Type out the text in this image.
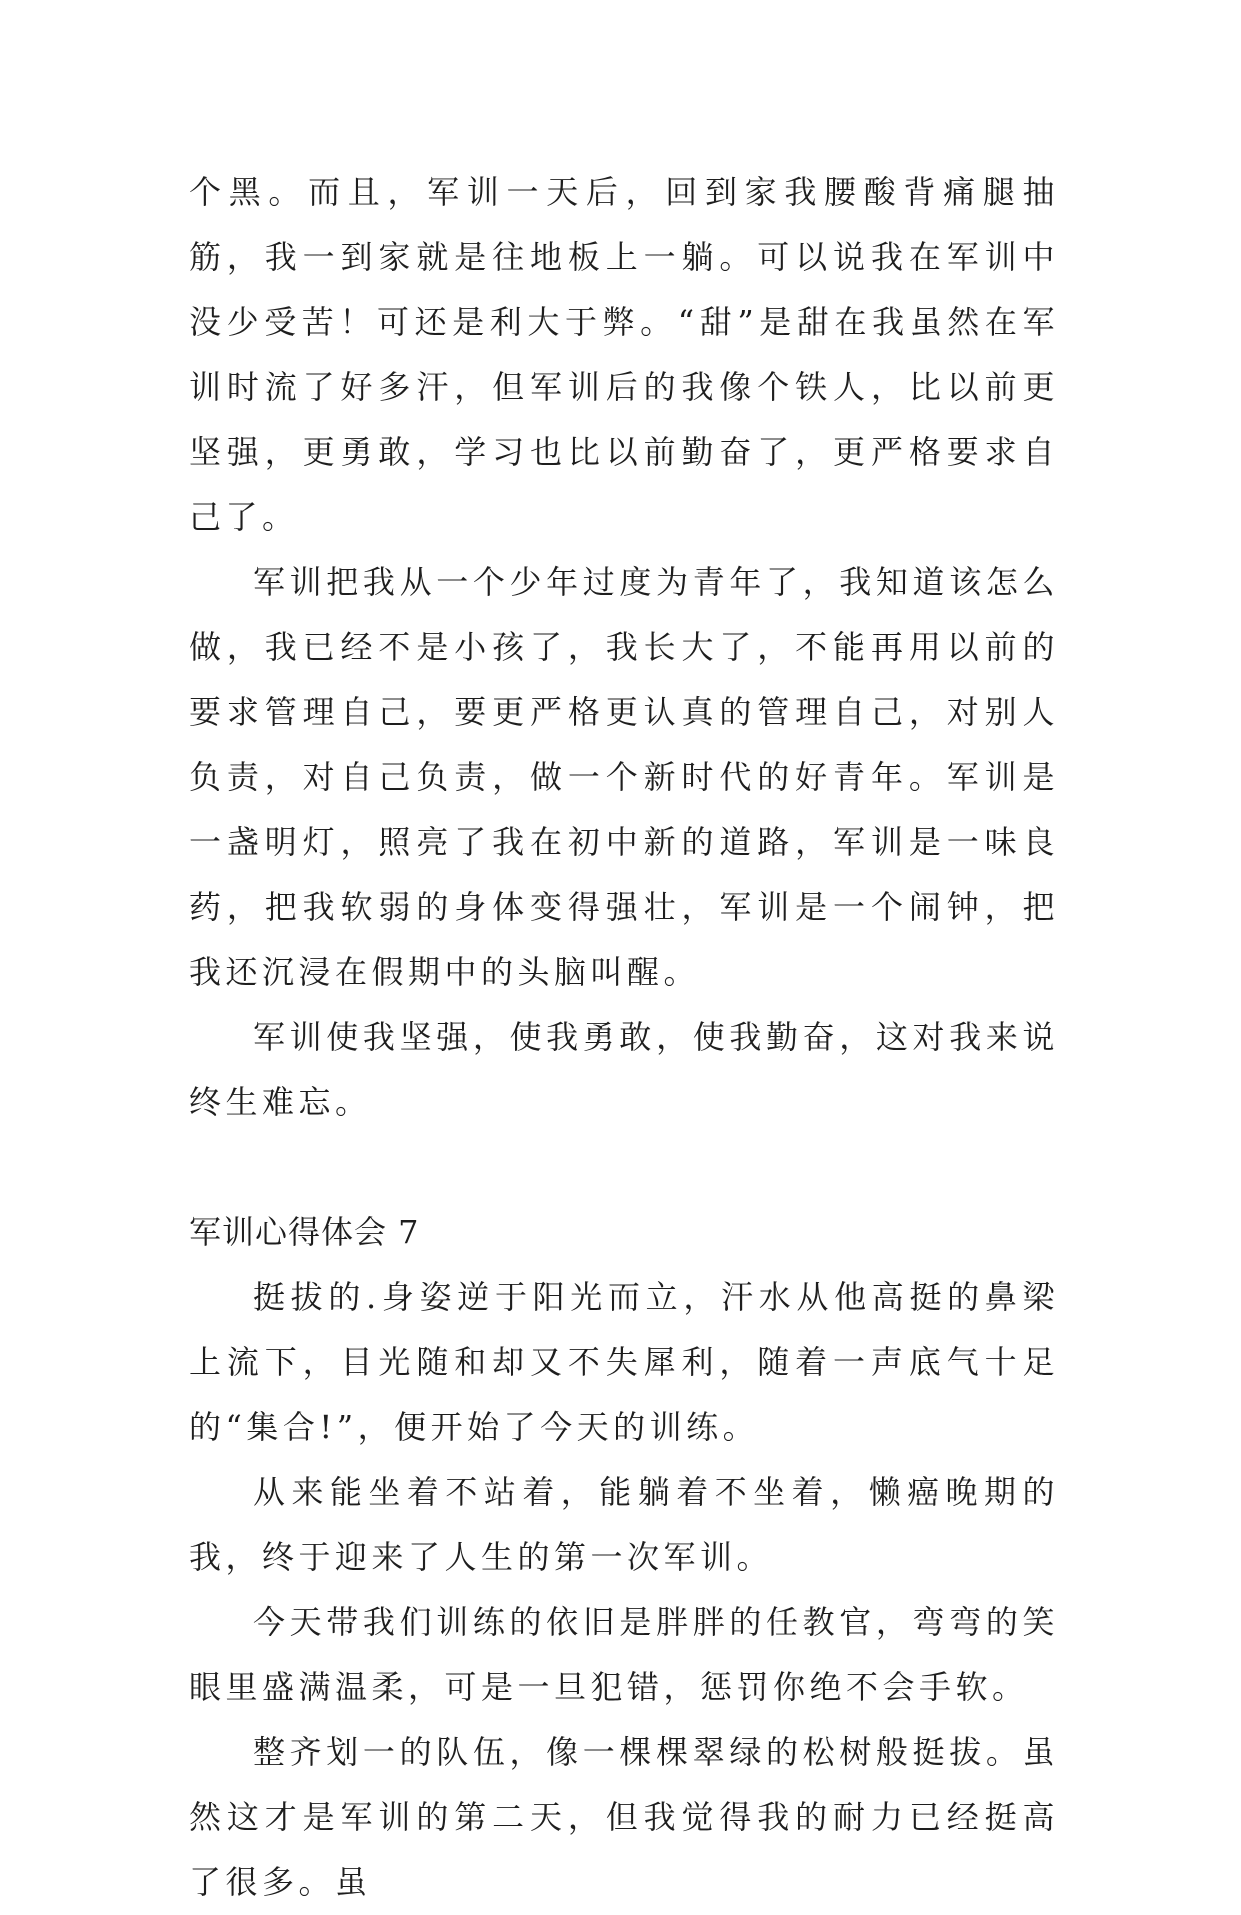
个黑。而且，军训一天后，回到家我腰酸背痛腿抽筋，我一到家就是往地板上一躺。可以说我在军训中没少受苦！可还是利大于弊。“甜”是甜在我虽然在军训时流了好多汗，但军训后的我像个铁人，比以前更坚强，更勇敢，学习也比以前勤奋了，更严格要求自己了。

军训把我从一个少年过度为青年了，我知道该怎么做，我已经不是小孩了，我长大了，不能再用以前的要求管理自己，要更严格更认真的管理自己，对别人负责，对自己负责，做一个新时代的好青年。军训是一盏明灯，照亮了我在初中新的道路，军训是一味良药，把我软弱的身体变得强壮，军训是一个闹钟，把我还沉浸在假期中的头脑叫醒。

军训使我坚强，使我勇敢，使我勤奋，这对我来说终生难忘。

军训心得体会 7

挺拔的.身姿逆于阳光而立，汗水从他高挺的鼻梁上流下，目光随和却又不失犀利，随着一声底气十足的“集合!”，便开始了今天的训练。

从来能坐着不站着，能躺着不坐着，懒癌晚期的我，终于迎来了人生的第一次军训。

今天带我们训练的依旧是胖胖的任教官，弯弯的笑眼里盛满温柔，可是一旦犯错，惩罚你绝不会手软。

整齐划一的队伍，像一棵棵翠绿的松树般挺拔。虽然这才是军训的第二天，但我觉得我的耐力已经挺高了很多。虽
